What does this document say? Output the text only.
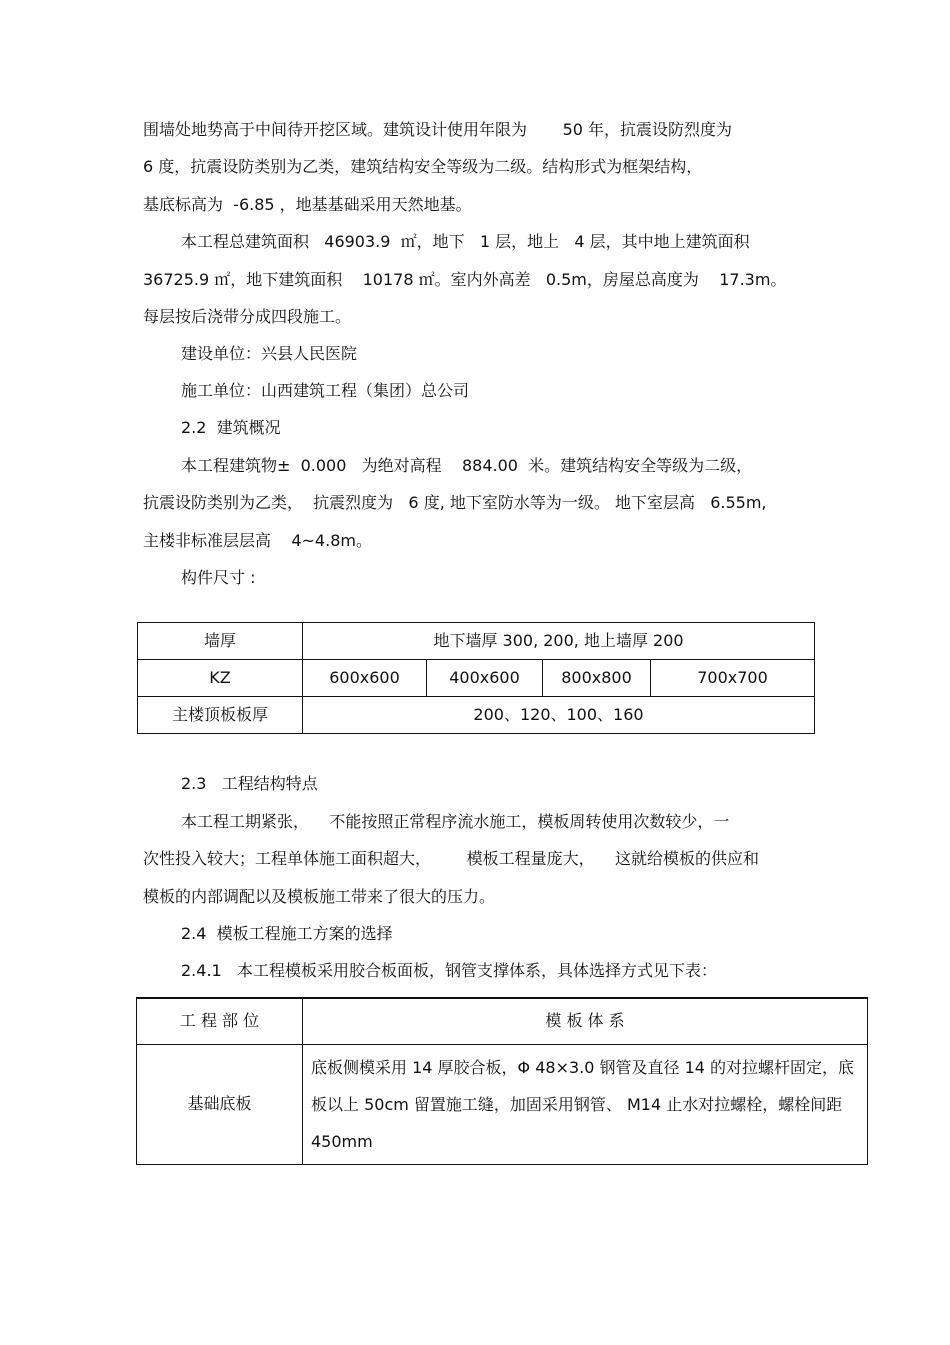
围墙处地势高于中间待开挖区域。建筑设计使用年限为       50 年，抗震设防烈度为
6 度，抗震设防类别为乙类，建筑结构安全等级为二级。结构形式为框架结构，
基底标高为  -6.85 ，地基基础采用天然地基。
本工程总建筑面积   46903.9  ㎡，地下   1 层，地上   4 层，其中地上建筑面积
36725.9 ㎡，地下建筑面积    10178 ㎡。室内外高差   0.5m，房屋总高度为    17.3m。
每层按后浇带分成四段施工。
建设单位：兴县人民医院
施工单位：山西建筑工程（集团）总公司
2.2  建筑概况
本工程建筑物±  0.000   为绝对高程    884.00  米。建筑结构安全等级为二级，
抗震设防类别为乙类，  抗震烈度为   6 度, 地下室防水等为一级。 地下室层高   6.55m,
主楼非标准层层高    4~4.8m。
构件尺寸 :
墙厚	地下墙厚 300, 200, 地上墙厚 200			
KZ	600x600	400x600	800x800	700x700
主楼顶板板厚	200、120、100、160			
2.3   工程结构特点
本工程工期紧张，    不能按照正常程序流水施工，模板周转使用次数较少，一
次性投入较大；工程单体施工面积超大，       模板工程量庞大，    这就给模板的供应和
模板的内部调配以及模板施工带来了很大的压力。
2.4  模板工程施工方案的选择
2.4.1   本工程模板采用胶合板面板，钢管支撑体系，具体选择方式见下表：
工 程 部 位	模 板 体 系
基础底板	底板侧模采用 14 厚胶合板，Φ 48×3.0 钢管及直径 14 的对拉螺杆固定，底板以上 50cm 留置施工缝，加固采用钢管、 M14 止水对拉螺栓，螺栓间距 450mm
